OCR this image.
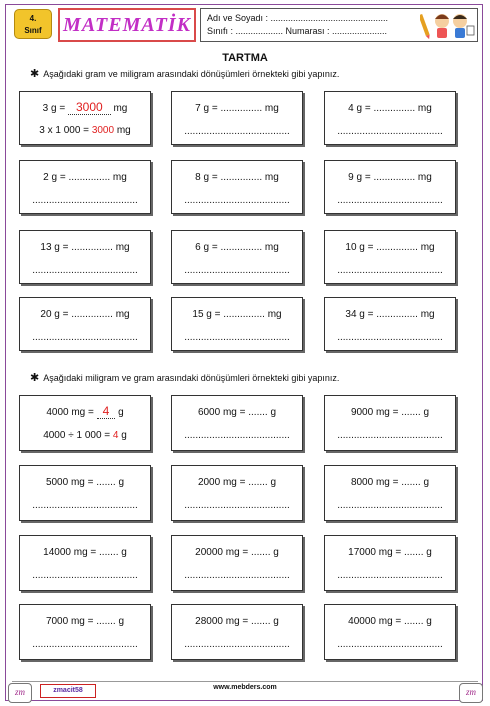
4.
Sınıf	MATEMATİK Adı ve Soyadı : ...............................................
Sınıfı : ................... Numarası : ......................
TARTMA
✱ Aşağıdaki gram ve miligram arasındaki dönüşümleri örnekteki gibi yapınız.
3 g = 3000 mg
3 x 1 000 = 3000 mg
7 g = ............... mg
......................................
4 g = ............... mg
......................................
2 g = ............... mg
......................................
8 g = ............... mg
......................................
9 g = ............... mg
......................................
13 g = ............... mg
......................................
6 g = ............... mg
......................................
10 g = ............... mg
......................................
20 g = ............... mg
......................................
15 g = ............... mg
......................................
34 g = ............... mg
......................................
✱ Aşağıdaki miligram ve gram arasındaki dönüşümleri örnekteki gibi yapınız.
4000 mg = 4 g
4000 ÷ 1 000 = 4 g
6000 mg = ....... g
......................................
9000 mg = ....... g
......................................
5000 mg = ....... g
......................................
2000 mg = ....... g
......................................
8000 mg = ....... g
......................................
14000 mg = ....... g
......................................
20000 mg = ....... g
......................................
17000 mg = ....... g
......................................
7000 mg = ....... g
......................................
28000 mg = ....... g
......................................
40000 mg = ....... g
......................................
zm	zmacit58	www.mebders.com	zm
